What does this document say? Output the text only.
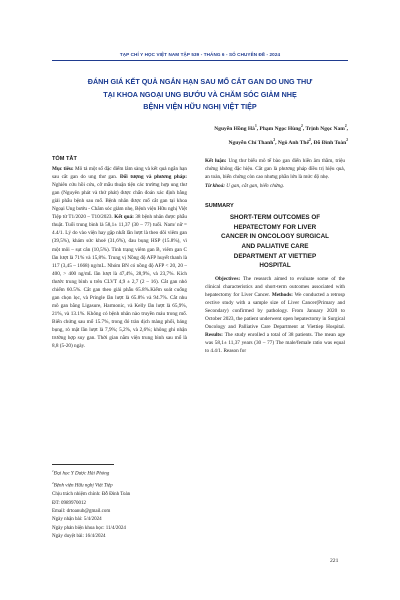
TẠP CHÍ Y HỌC VIỆT NAM TẬP 539 - THÁNG 6 - SỐ CHUYÊN ĐỀ - 2024
ĐÁNH GIÁ KẾT QUẢ NGẮN HẠN SAU MỔ CẮT GAN DO UNG THƯ
TẠI KHOA NGOẠI UNG BƯỚU VÀ CHĂM SÓC GIẢM NHẸ
BỆNH VIỆN HỮU NGHỊ VIỆT TIỆP
Nguyễn Hồng $Hà^1$, Phạm Ngọc Hùng$^2$, Trịnh Ngọc Nam$^2$,
Nguyễn Chí Thanh$^2$, Ngô Anh Thế$^2$, Đỗ Đình Toàn$^2$
TÓM TẮT

Mục tiêu: Mô tả một số đặc điểm lâm sàng và kết quả ngắn hạn sau cắt gan do ung thư gan. Đối tượng và phương pháp: Nghiên cứu hồi cứu, cỡ mẫu thuận tiện các trường hợp ung thư gan (Nguyên phát và thứ phát) được chẩn đoán xác định bằng giải phẫu bệnh sau mổ. Bệnh nhân được mổ cắt gan tại khoa Ngoại Ung bướu - Chăm sóc giảm nhẹ, Bệnh viện Hữu nghị Việt Tiệp từ T1/2020 – T10/2023. Kết quả: 38 bệnh nhân được phẫu thuật. Tuổi trung bình là 58,1± 11,37 (30 – 77) tuổi. Nam/ nữ = 4.4/1. Lý do vào viện hay gặp nhất lần lượt là theo dõi viêm gan (39,5%), khám sức khoẻ (31,6%), đau bụng HSP (15.8%), vì một môi – sụt cân (10,5%). Tình trạng viêm gan B, viêm gan C lần lượt là 71% và 15,8%. Trung vị Nồng độ AFP huyết thanh là 117 (3,45 – 1668) ng/mL. Nhóm BN có nồng độ AFP < 20, 20 – 400, > 400 ng/mL lần lượt là 47,4%, 28,9%, và 23,7%. Kích thước trung bình u trên CLVT 4,9 ± 2,7 (2 – 16). Cắt gan nhỏ chiếm 60.5%. Cắt gan theo giải phẫu 65.8%.Kiểm soát cuống gan chọn lọc, và Pringle lần lượt là 65.8% và 94.7%. Cắt nhu mô gan bằng Ligasure, Harmonic, và Kelly lần lượt là 65,9%, 21%, và 13.1%. Không có bệnh nhân nào truyền máu trong mổ. Biến chứng sau mổ 15.7%, trong đó tràn dịch màng phổi, báng bụng, rò mật lần lượt là 7,9%; 5,2%, và 2,6%; không ghi nhận trường hợp suy gan. Thời gian nằm viện trung bình sau mổ là 8,8 (5-20) ngày.

$^1$Đại học Y Dược Hải Phòng
$^2$Bệnh viện Hữu nghị Việt Tiệp
Chịu trách nhiệm chính: Đỗ Đình Toàn
ĐT: 0989970012
Email: drtoanub@gmail.com
Ngày nhận bài: 5/4/2024
Ngày phản biện khoa học: 11/4/2024
Ngày duyệt bài: 16/4/2024

Kết luận: Ung thư biểu mô tế bào gan điển hiền âm thầm, triệu chứng không đặc hiệu. Cắt gan là phương pháp điều trị hiệu quả, an toàn, biến chứng còn cao nhưng phần lớn là mức độ nhẹ.

Từ khoá: U gan, cắt gan, biến chứng.

SUMMARY
SHORT-TERM OUTCOMES OF
HEPATECTOMY FOR LIVER
CANCER IN ONCOLOGY SURGICAL
AND PALIATIVE CARE
DEPARTMENT AT VIETTIEP
HOSPITAL

Objectives: The research aimed to evaluate some of the clinical characteristics and short-term outcomes associated with hepatectomy for Liver Cancer. Methods: We conducted a retrosp cective study with a sample size of Liver Cancer(Primary and Secondary) confirmed by pathology. From January 2020 to October 2023, the patient underwent open hepatectomy in Surgical Oncology and Palliative Care Department at Viettiep Hospital. Results: The study enrolled a total of 38 patients. The mean age was 58,1± 11,37 years (30 – 77) The male/female ratio was equal to 4.4/1. Reason for

221
